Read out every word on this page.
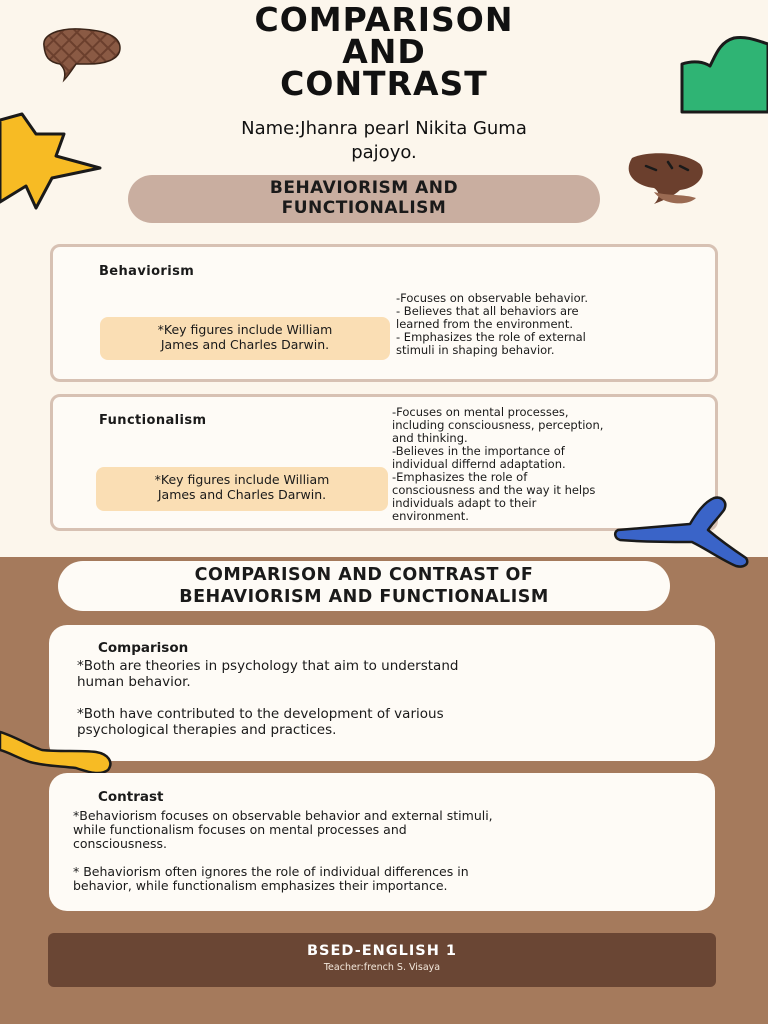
COMPARISON
AND
CONTRAST
Name:Jhanra pearl Nikita Guma
pajoyo.
BEHAVIORISM AND
FUNCTIONALISM
Behaviorism
*Key figures include William
James and Charles Darwin.
-Focuses on observable behavior.
- Believes that all behaviors are
learned from the environment.
- Emphasizes the role of external
stimuli in shaping behavior.
Functionalism
*Key figures include William
James and Charles Darwin.
-Focuses on mental processes,
including consciousness, perception,
and thinking.
-Believes in the importance of
individual differnd adaptation.
-Emphasizes the role of
consciousness and the way it helps
individuals adapt to their
environment.
COMPARISON AND CONTRAST OF
BEHAVIORISM AND FUNCTIONALISM
Comparison
*Both are theories in psychology that aim to understand
human behavior.
*Both have contributed to the development of various
psychological therapies and practices.
Contrast
*Behaviorism focuses on observable behavior and external stimuli,
while functionalism focuses on mental processes and
consciousness.
* Behaviorism often ignores the role of individual differences in
behavior, while functionalism emphasizes their importance.
BSED-ENGLISH 1
Teacher:french S. Visaya
